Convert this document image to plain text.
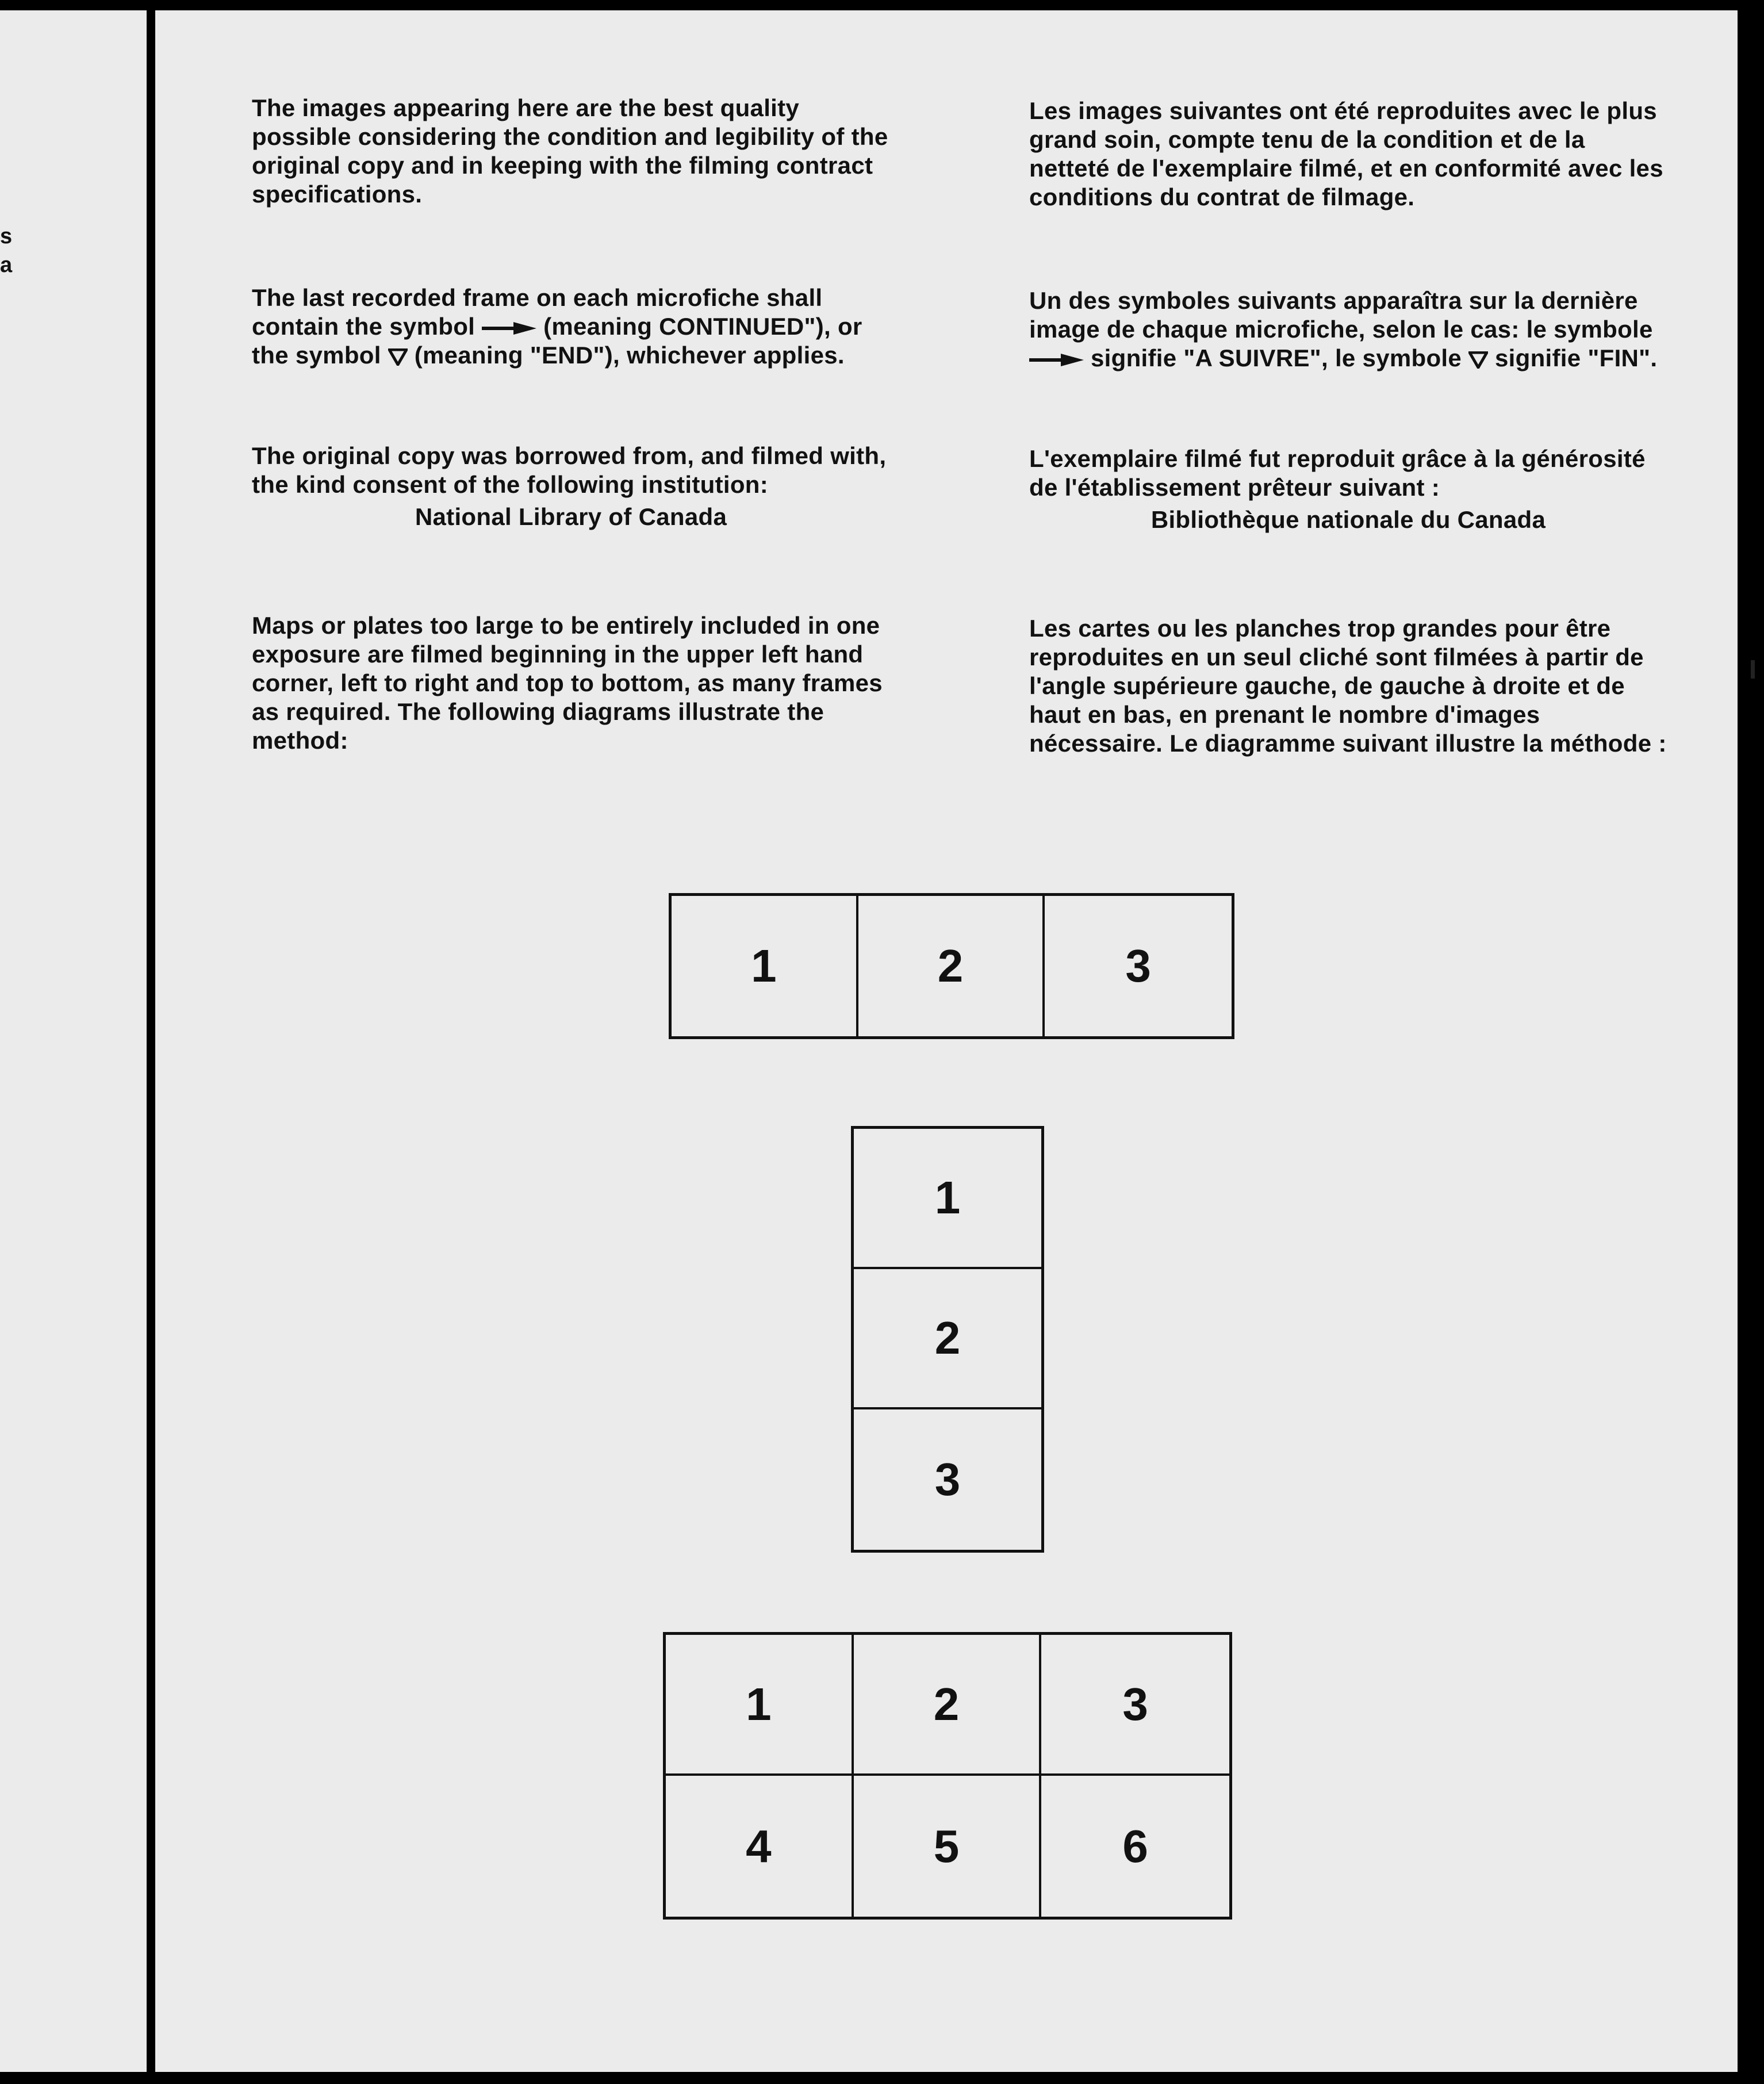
s
a

The images appearing here are the best quality possible considering the condition and legibility of the original copy and in keeping with the filming contract specifications.

The last recorded frame on each microfiche shall contain the symbol	(meaning CONTINUED"), or the symbol (meaning "END"), whichever applies.

The original copy was borrowed from, and filmed with, the kind consent of the following institution:

National Library of Canada

Maps or plates too large to be entirely included in one exposure are filmed beginning in the upper left hand corner, left to right and top to bottom, as many frames as required. The following diagrams illustrate the method:

Les images suivantes ont été reproduites avec le plus grand soin, compte tenu de la condition et de la netteté de l'exemplaire filmé, et en conformité avec les conditions du contrat de filmage.

Un des symboles suivants apparaîtra sur la dernière image de chaque microfiche, selon le cas: le symbole  signifie "A SUIVRE", le symbole signifie "FIN".

L'exemplaire filmé fut reproduit grâce à la générosité de l'établissement prêteur suivant :

Bibliothèque nationale du Canada

Les cartes ou les planches trop grandes pour être reproduites en un seul cliché sont filmées à partir de l'angle supérieure gauche, de gauche à droite et de haut en bas, en prenant le nombre d'images nécessaire. Le diagramme suivant illustre la méthode :

1	2	3
1
2
3
1	2	3
4	5	6
